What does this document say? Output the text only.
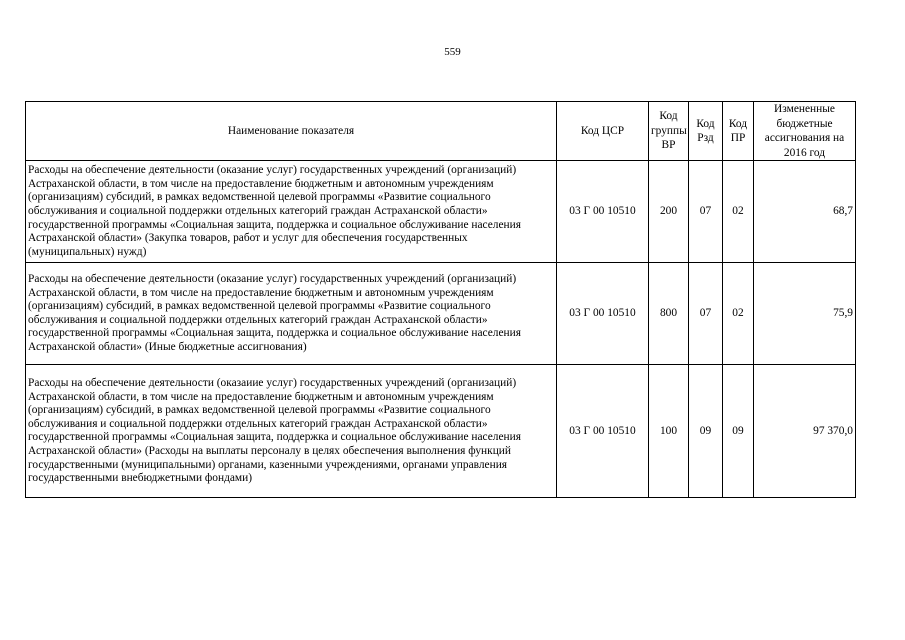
559
Наименование показателя	Код ЦСР	Код группы ВР	Код Рзд	Код ПР	Измененные бюджетные ассигнования на 2016 год
Расходы на обеспечение деятельности (оказание услуг) государственных учреждений (организаций) Астраханской области, в том числе на предоставление бюджетным и автономным учреждениям (организациям) субсидий, в рамках ведомственной целевой программы «Развитие социального обслуживания и социальной поддержки отдельных категорий граждан Астраханской области» государственной программы «Социальная защита, поддержка и социальное обслуживание населения Астраханской области» (Закупка товаров, работ и услуг для обеспечения государственных (муниципальных) нужд)	03 Г 00 10510	200	07	02	68,7
Расходы на обеспечение деятельности (оказание услуг) государственных учреждений (организаций) Астраханской области, в том числе на предоставление бюджетным и автономным учреждениям (организациям) субсидий, в рамках ведомственной целевой программы «Развитие социального обслуживания и социальной поддержки отдельных категорий граждан Астраханской области» государственной программы «Социальная защита, поддержка и социальное обслуживание населения Астраханской области» (Иные бюджетные ассигнования)	03 Г 00 10510	800	07	02	75,9
Расходы на обеспечение деятельности (оказаиие услуг) государственных учреждений (организаций) Астраханской области, в том числе на предоставление бюджетным и автономным учреждениям (организациям) субсидий, в рамках ведомственной целевой программы «Развитие социального обслуживания и социальной поддержки отдельных категорий граждан Астраханской области» государственной программы «Социальная защита, поддержка и социальное обслуживание населения Астраханской области» (Расходы на выплаты персоналу в целях обеспечения выполнения функций государственными (муниципальными) органами, казенными учреждениями, органами управления государственными внебюджетными фондами)	03 Г 00 10510	100	09	09	97 370,0
